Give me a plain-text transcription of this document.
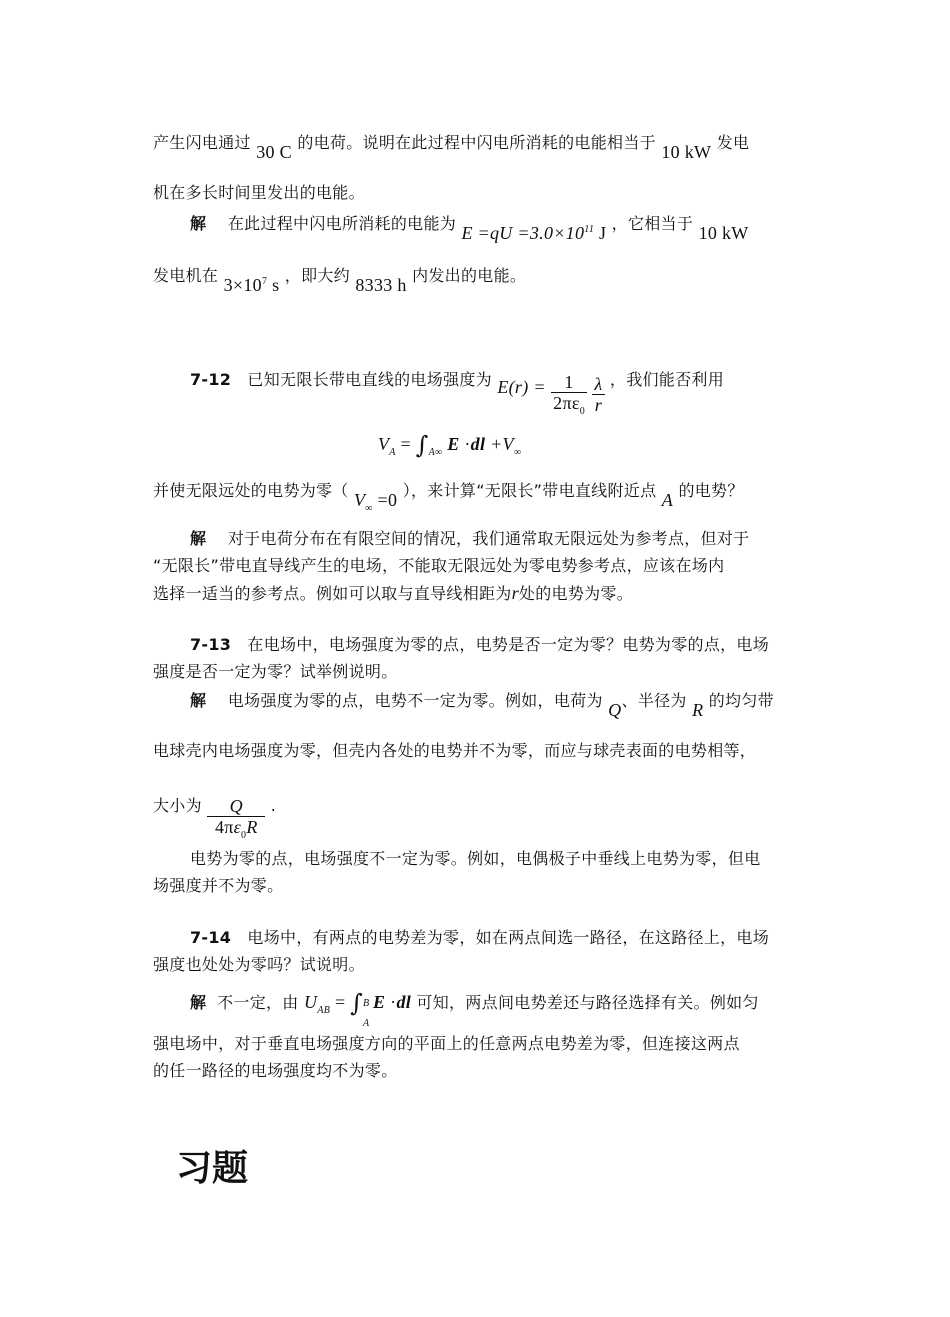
产生闪电通过 30 C 的电荷。说明在此过程中闪电所消耗的电能相当于 10 kW 发电
机在多长时间里发出的电能。
解 在此过程中闪电所消耗的电能为 $E =qU =3.0\times 10^{11}$ J ，它相当于 10 kW
发电机在 $3\times 10^7$ s ，即大约 8333 h 内发出的电能。
7-12 已知无限长带电直线的电场强度为 $E(r) = \frac{1}{2\pi\varepsilon_0}$
$\frac{\lambda}{r}$ ，我们能否利用
$V_A = \int_{A\infty}$ $E \cdot dl +V_\infty$
并使无限远处的电势为零（ $V_\infty =0$ ），来计算“无限长”带电直线附近点 A 的电势？
解 对于电荷分布在有限空间的情况，我们通常取无限远处为参考点，但对于
“无限长”带电直导线产生的电场，不能取无限远处为零电势参考点，应该在场内
选择一适当的参考点。例如可以取与直导线相距为r处的电势为零。
7-13 在电场中，电场强度为零的点，电势是否一定为零？电势为零的点，电场
强度是否一定为零？试举例说明。
解 电场强度为零的点，电势不一定为零。例如，电荷为 Q、半径为 R 的均匀带
电球壳内电场强度为零，但壳内各处的电势并不为零，而应与球壳表面的电势相等，
大小为 $\frac{Q}{4\pi\varepsilon_0R}$ .
电势为零的点，电场强度不一定为零。例如，电偶极子中垂线上电势为零，但电
场强度并不为零。
7-14 电场中，有两点的电势差为零，如在两点间选一路径，在这路径上，电场
强度也处处为零吗？试说明。
解 不一定，由 $U_{AB}$ = ∫ B
A
E ·dl 可知，两点间电势差还与路径选择有关。例如匀
强电场中，对于垂直电场强度方向的平面上的任意两点电势差为零，但连接这两点
的任一路径的电场强度均不为零。
习题
